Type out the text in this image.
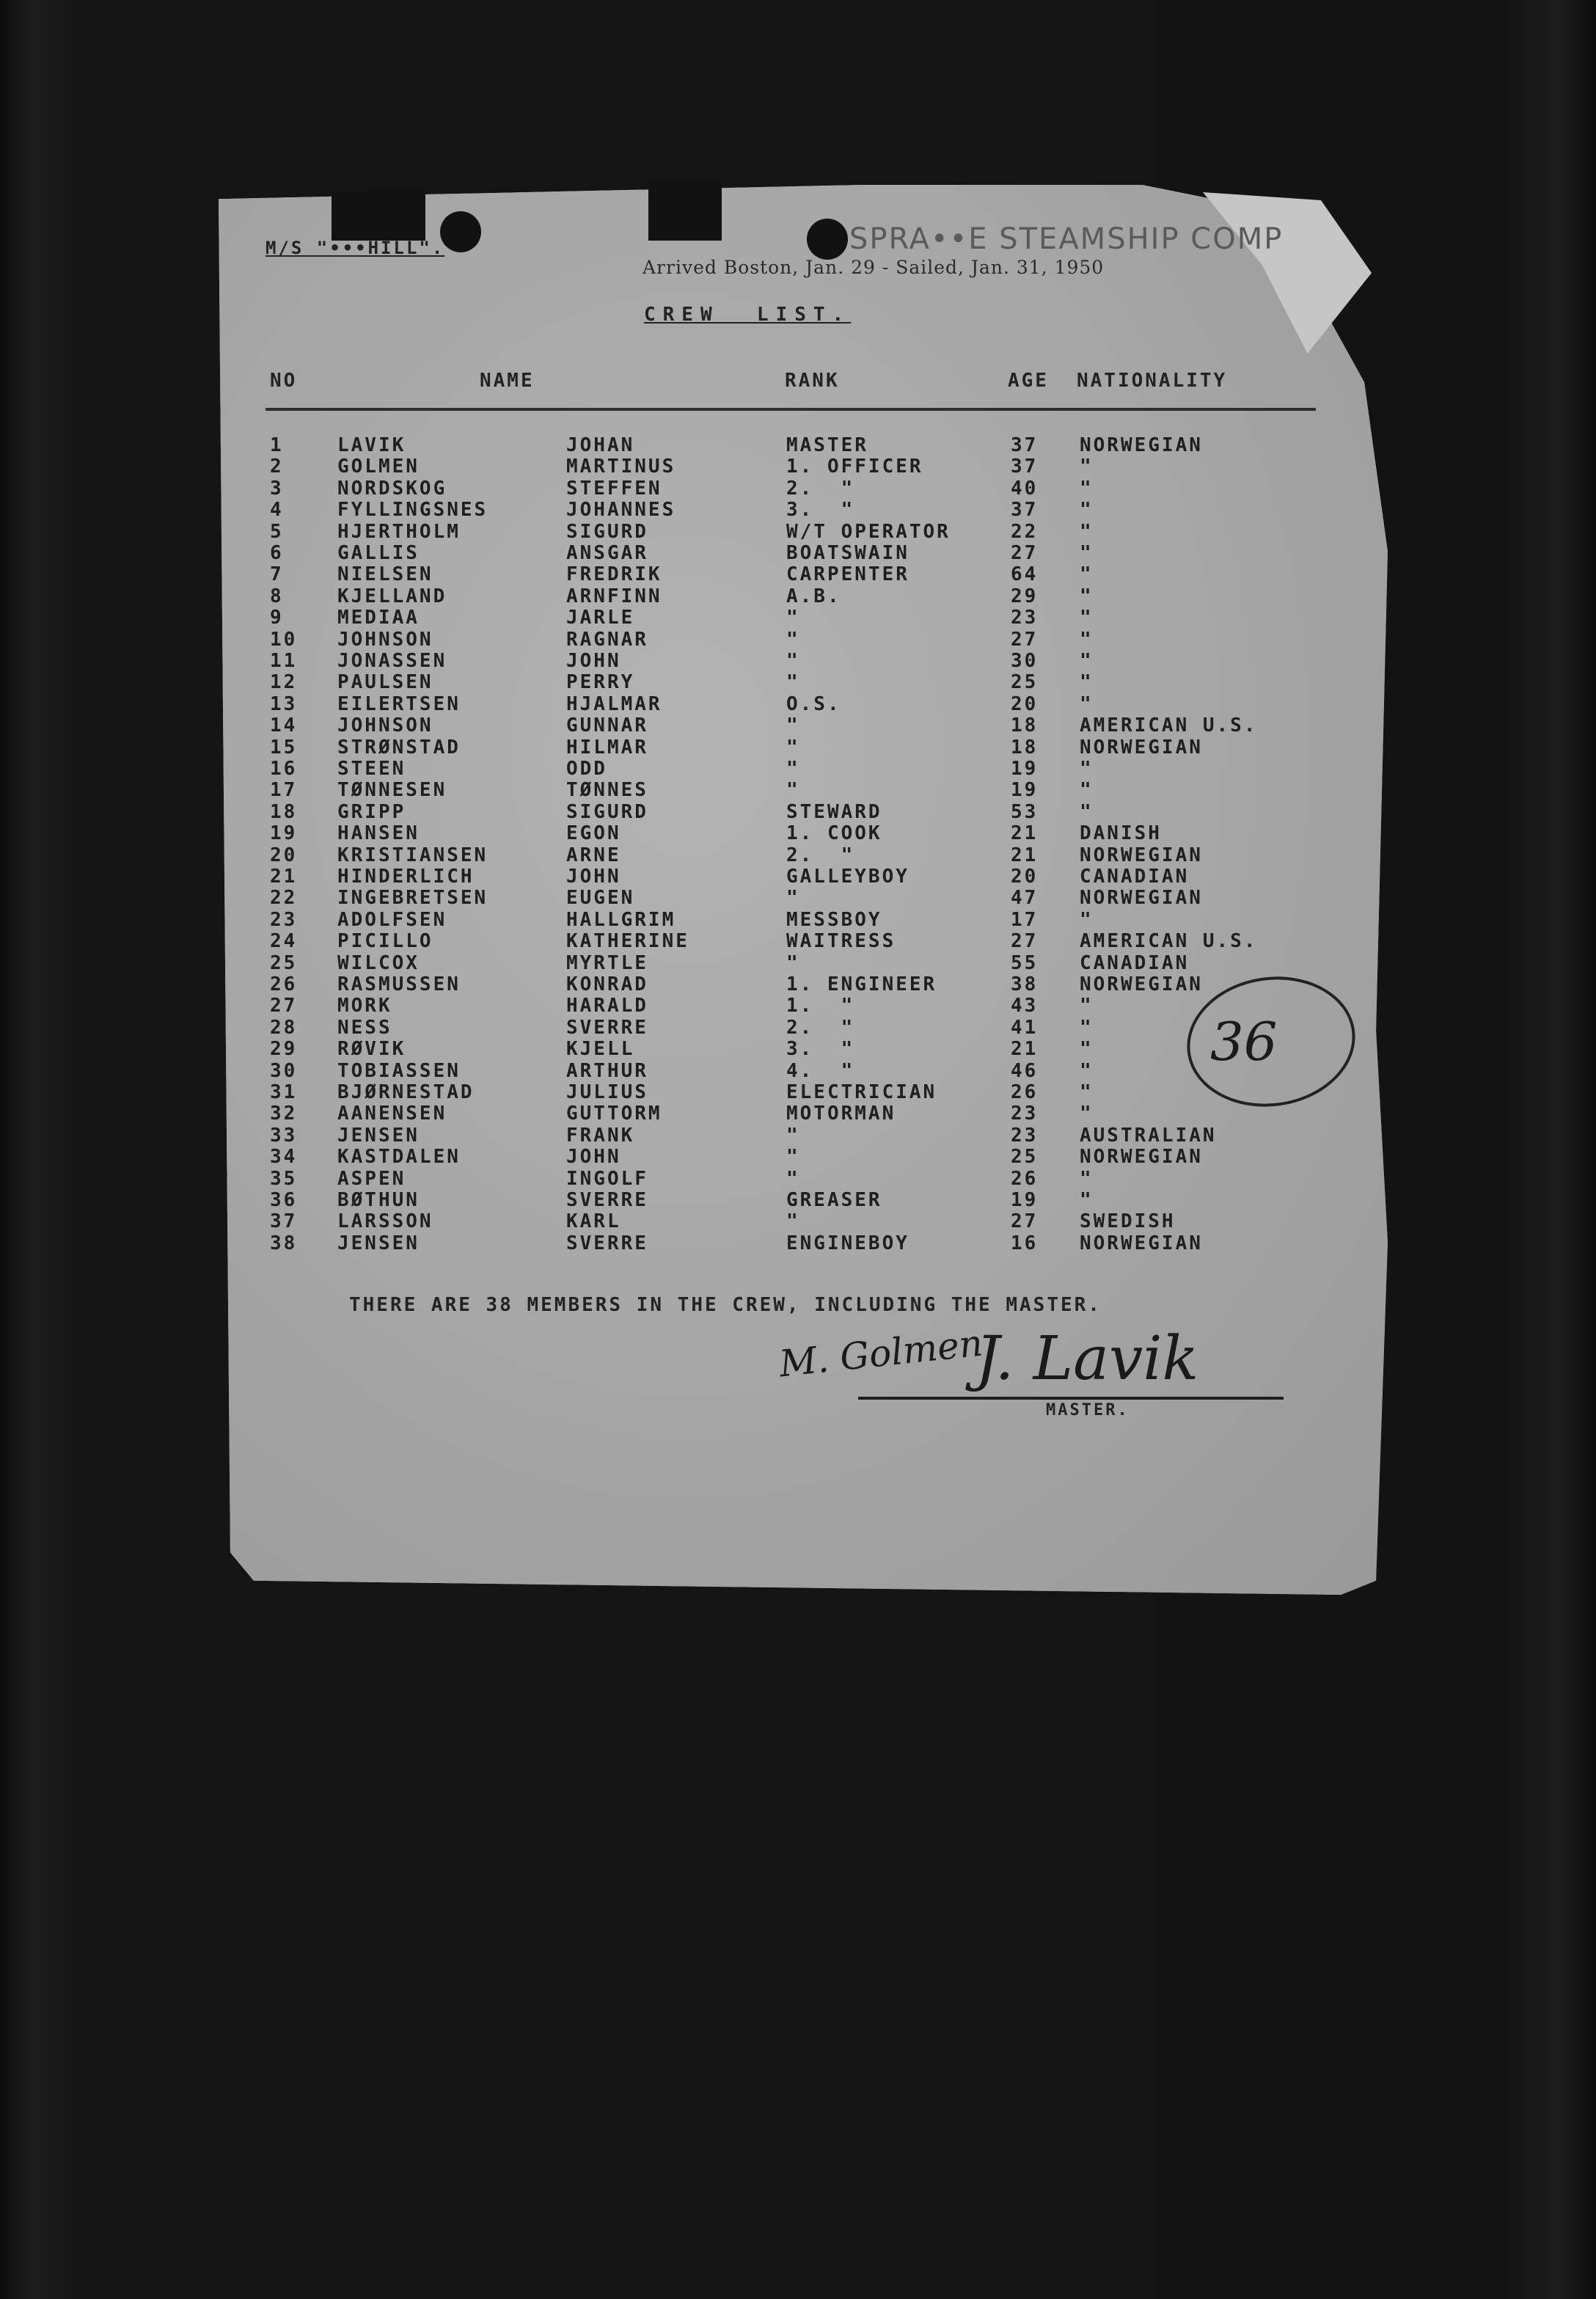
M/S "•••HILL".	SPRA••E STEAMSHIP COMP
Arrived Boston, Jan. 29 - Sailed, Jan. 31, 1950
CREW  LIST.
NO	NAME	RANK	AGE NATIONALITY
1	LAVIK	JOHAN	MASTER	37 NORWEGIAN
2	GOLMEN	MARTINUS	1. OFFICER	37 "
3	NORDSKOG	STEFFEN	2.  "	40 "
4	FYLLINGSNES	JOHANNES	3.  "	37 "
5	HJERTHOLM	SIGURD	W/T OPERATOR	22 "
6	GALLIS	ANSGAR	BOATSWAIN	27 "
7	NIELSEN	FREDRIK	CARPENTER	64 "
8	KJELLAND	ARNFINN	A.B.	29 "
9	MEDIAA	JARLE	"	23 "
10 JOHNSON	RAGNAR	"	27 "
11 JONASSEN	JOHN	"	30 "
12 PAULSEN	PERRY	"	25 "
13 EILERTSEN	HJALMAR	O.S.	20 "
14 JOHNSON	GUNNAR	"	18 AMERICAN U.S.
15 STRØNSTAD	HILMAR	"	18 NORWEGIAN
16 STEEN	ODD	"	19 "
17 TØNNESEN	TØNNES	"	19 "
18 GRIPP	SIGURD	STEWARD	53 "
19 HANSEN	EGON	1. COOK	21 DANISH
20 KRISTIANSEN	ARNE	2.  "	21 NORWEGIAN
21 HINDERLICH	JOHN	GALLEYBOY	20 CANADIAN
22 INGEBRETSEN	EUGEN	"	47 NORWEGIAN
23 ADOLFSEN	HALLGRIM	MESSBOY	17 "
24 PICILLO	KATHERINE	WAITRESS	27 AMERICAN U.S.
25 WILCOX	MYRTLE	"	55 CANADIAN
26 RASMUSSEN	KONRAD	1. ENGINEER	38 NORWEGIAN
27 MORK	HARALD	1.  "	43 "
28 NESS	SVERRE	2.  "	41 "
29 RØVIK	KJELL	3.  "	21 "
30 TOBIASSEN	ARTHUR	4.  "	46 "
31 BJØRNESTAD	JULIUS	ELECTRICIAN	26 "
32 AANENSEN	GUTTORM	MOTORMAN	23 "
33 JENSEN	FRANK	"	23 AUSTRALIAN
34 KASTDALEN	JOHN	"	25 NORWEGIAN
35 ASPEN	INGOLF	"	26 "
36 BØTHUN	SVERRE	GREASER	19 "
37 LARSSON	KARL	"	27 SWEDISH
38 JENSEN	SVERRE	ENGINEBOY	16 NORWEGIAN
36
THERE ARE 38 MEMBERS IN THE CREW, INCLUDING THE MASTER.
M. Golmen
J. Lavik
MASTER.
